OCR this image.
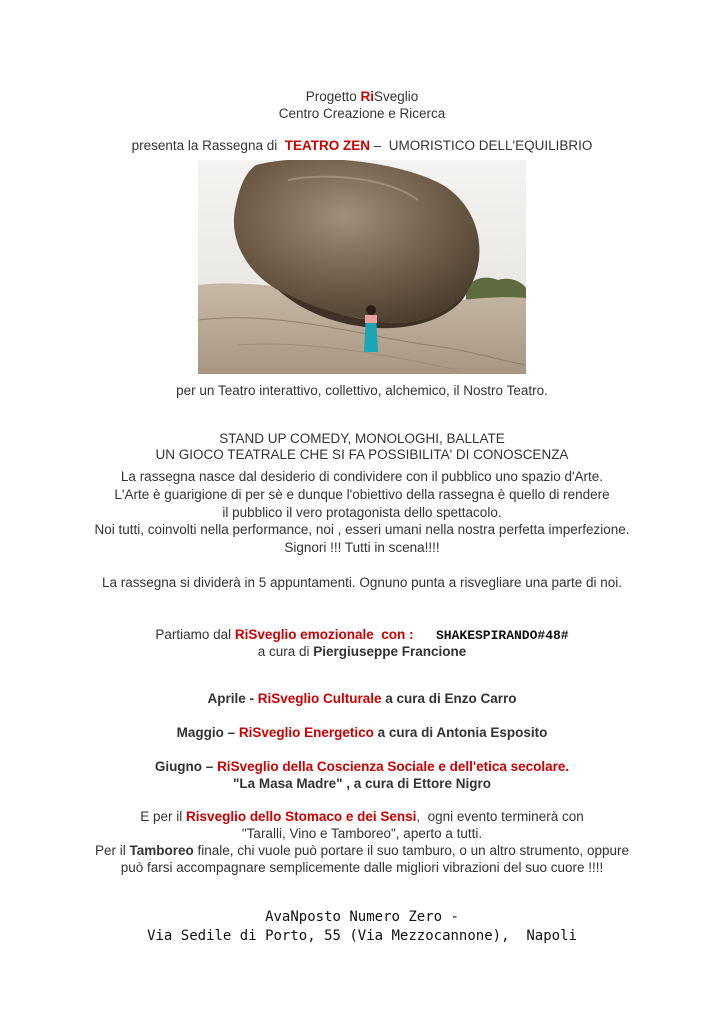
Progetto RiSveglio
Centro Creazione e Ricerca
presenta la Rassegna di  TEATRO ZEN –  UMORISTICO DELL'EQUILIBRIO
per un Teatro interattivo, collettivo, alchemico, il Nostro Teatro.
STAND UP COMEDY, MONOLOGHI, BALLATE
UN GIOCO TEATRALE CHE SI FA POSSIBILITA' DI CONOSCENZA
La rassegna nasce dal desiderio di condividere con il pubblico uno spazio d'Arte.
L'Arte è guarigione di per sè e dunque l'obiettivo della rassegna è quello di rendere
il pubblico il vero protagonista dello spettacolo.
Noi tutti, coinvolti nella performance, noi , esseri umani nella nostra perfetta imperfezione.
Signori !!! Tutti in scena!!!!
La rassegna si dividerà in 5 appuntamenti. Ognuno punta a risvegliare una parte di noi.
Partiamo dal RiSveglio emozionale  con : SHAKESPIRANDO#48#
a cura di Piergiuseppe Francione
Aprile - RiSveglio Culturale a cura di Enzo Carro
Maggio – RiSveglio Energetico a cura di Antonia Esposito
Giugno – RiSveglio della Coscienza Sociale e dell'etica secolare.
"La Masa Madre" , a cura di Ettore Nigro
E per il Risveglio dello Stomaco e dei Sensi,  ogni evento terminerà con
"Taralli, Vino e Tamboreo", aperto a tutti.
Per il Tamboreo finale, chi vuole può portare il suo tamburo, o un altro strumento, oppure
può farsi accompagnare semplicemente dalle migliori vibrazioni del suo cuore !!!!
AvaNposto Numero Zero -
Via Sedile di Porto, 55 (Via Mezzocannone),  Napoli
